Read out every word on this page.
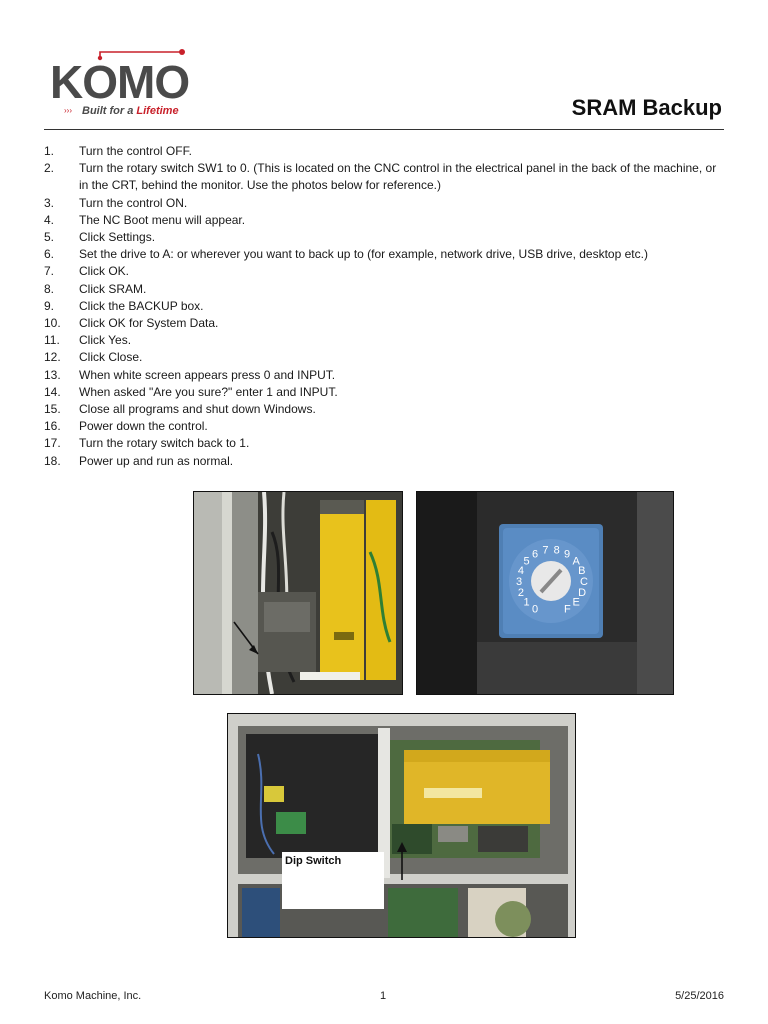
KOMO
››› Built for a Lifetime	SRAM Backup
1.	Turn the control OFF.
2.	Turn the rotary switch SW1 to 0. (This is located on the CNC control in the electrical panel in the back of the machine, or in the CRT, behind the monitor. Use the photos below for reference.)
3.	Turn the control ON.
4.	The NC Boot menu will appear.
5.	Click Settings.
6.	Set the drive to A: or wherever you want to back up to (for example, network drive, USB drive, desktop etc.)
7.	Click OK.
8.	Click SRAM.
9.	Click the BACKUP box.
10.	Click OK for System Data.
11.	Click Yes.
12.	Click Close.
13.	When white screen appears press 0 and INPUT.
14.	When asked "Are you sure?" enter 1 and INPUT.
15.	Close all programs and shut down Windows.
16.	Power down the control.
17.	Turn the rotary switch back to 1.
18.	Power up and run as normal.
0
1
2
3
4
5
6 7 8 9
A
B
C
D
E
F
Dip Switch
Komo Machine, Inc.	1	5/25/2016
